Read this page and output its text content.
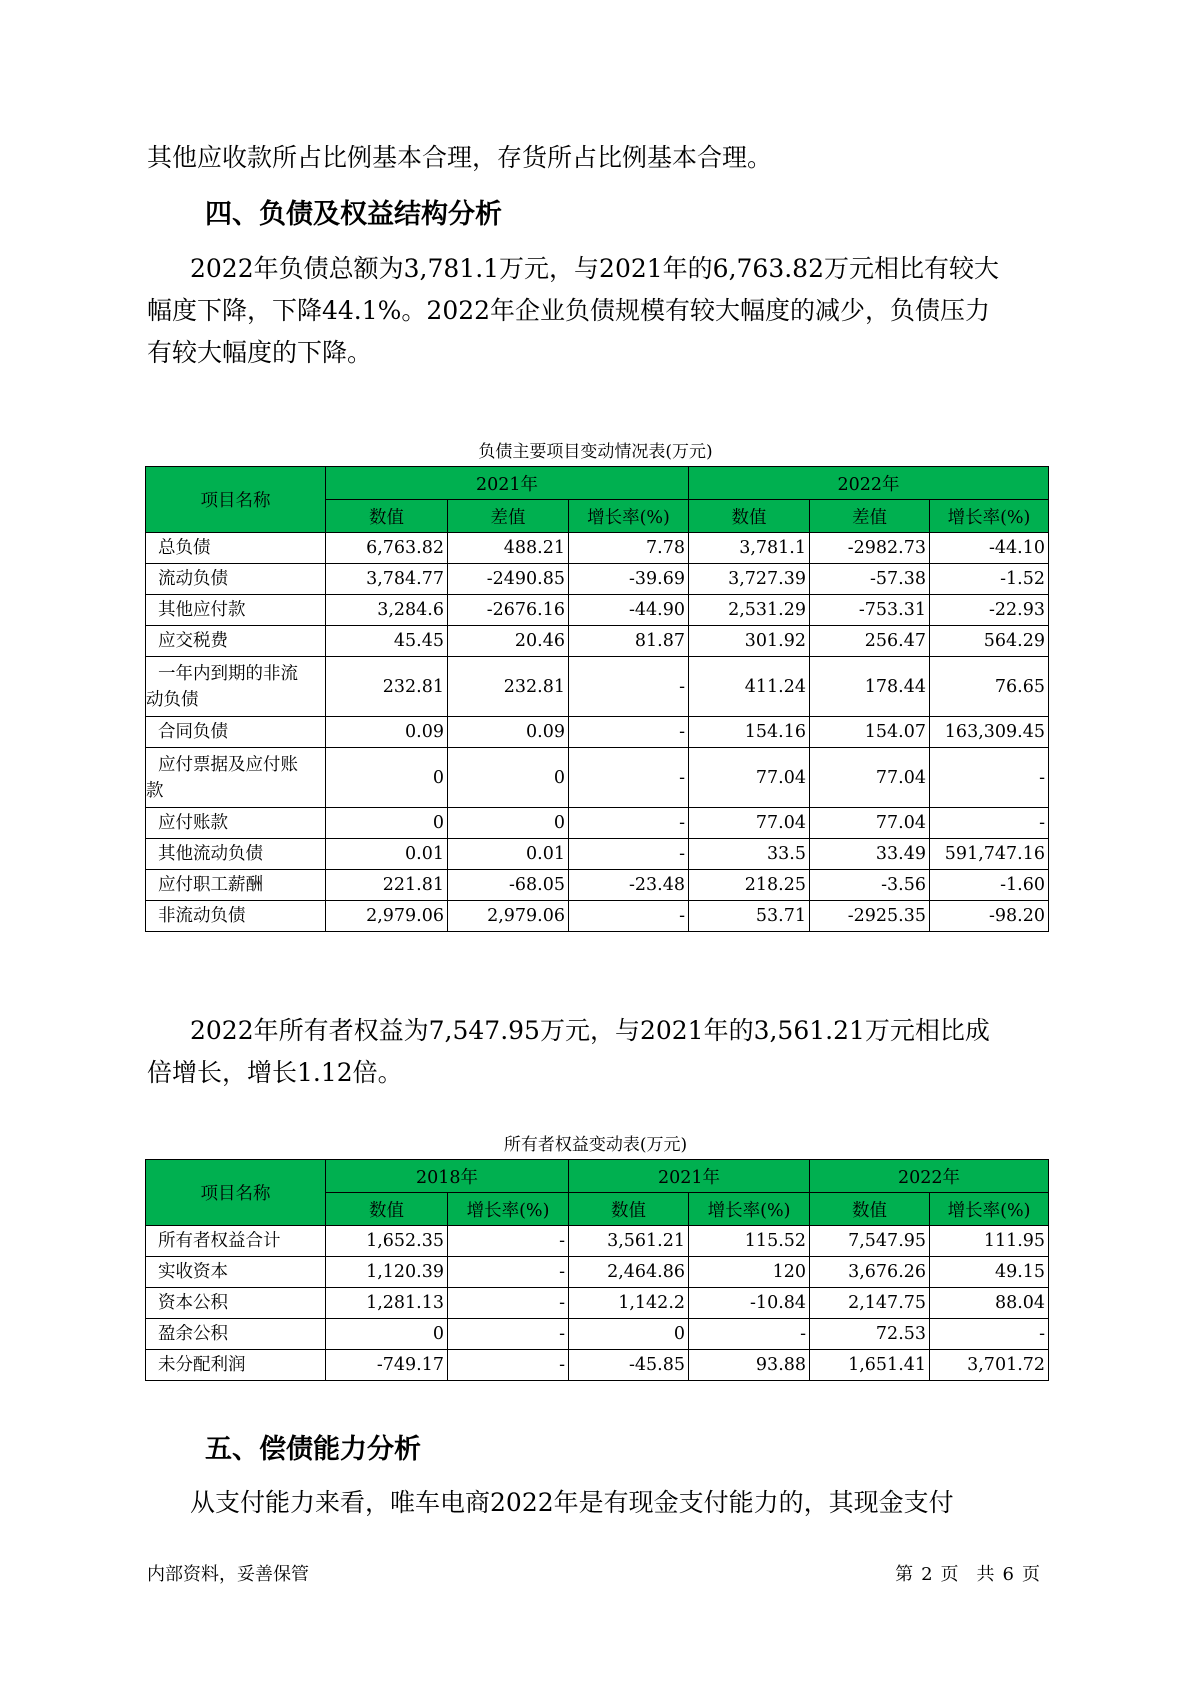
其他应收款所占比例基本合理，存货所占比例基本合理。

四、负债及权益结构分析

2022年负债总额为3,781.1万元，与2021年的6,763.82万元相比有较大

幅度下降，下降44.1%。2022年企业负债规模有较大幅度的减少，负债压力

有较大幅度的下降。

负债主要项目变动情况表(万元)
项目名称	2021年			2022年		
	数值	差值	增长率(%)	数值	差值	增长率(%)
总负债	6,763.82	488.21	7.78	3,781.1	-2982.73	-44.10
流动负债	3,784.77	-2490.85	-39.69	3,727.39	-57.38	-1.52
其他应付款	3,284.6	-2676.16	-44.90	2,531.29	-753.31	-22.93
应交税费	45.45	20.46	81.87	301.92	256.47	564.29

一年内到期的非流
动负债	232.81	232.81	-	411.24	178.44	76.65
合同负债	0.09	0.09	-	154.16	154.07	163,309.45

应付票据及应付账
款	0	0	-	77.04	77.04	-
应付账款	0	0	-	77.04	77.04	-
其他流动负债	0.01	0.01	-	33.5	33.49	591,747.16
应付职工薪酬	221.81	-68.05	-23.48	218.25	-3.56	-1.60
非流动负债	2,979.06	2,979.06	-	53.71	-2925.35	-98.20

2022年所有者权益为7,547.95万元，与2021年的3,561.21万元相比成

倍增长，增长1.12倍。

所有者权益变动表(万元)
项目名称	2018年		2021年		2022年	
	数值	增长率(%)	数值	增长率(%)	数值	增长率(%)
所有者权益合计	1,652.35	-	3,561.21	115.52	7,547.95	111.95
实收资本	1,120.39	-	2,464.86	120	3,676.26	49.15
资本公积	1,281.13	-	1,142.2	-10.84	2,147.75	88.04
盈余公积	0	-	0	-	72.53	-
未分配利润	-749.17	-	-45.85	93.88	1,651.41	3,701.72
五、偿债能力分析

从支付能力来看，唯车电商2022年是有现金支付能力的，其现金支付

内部资料，妥善保管	第 2 页　共 6 页
